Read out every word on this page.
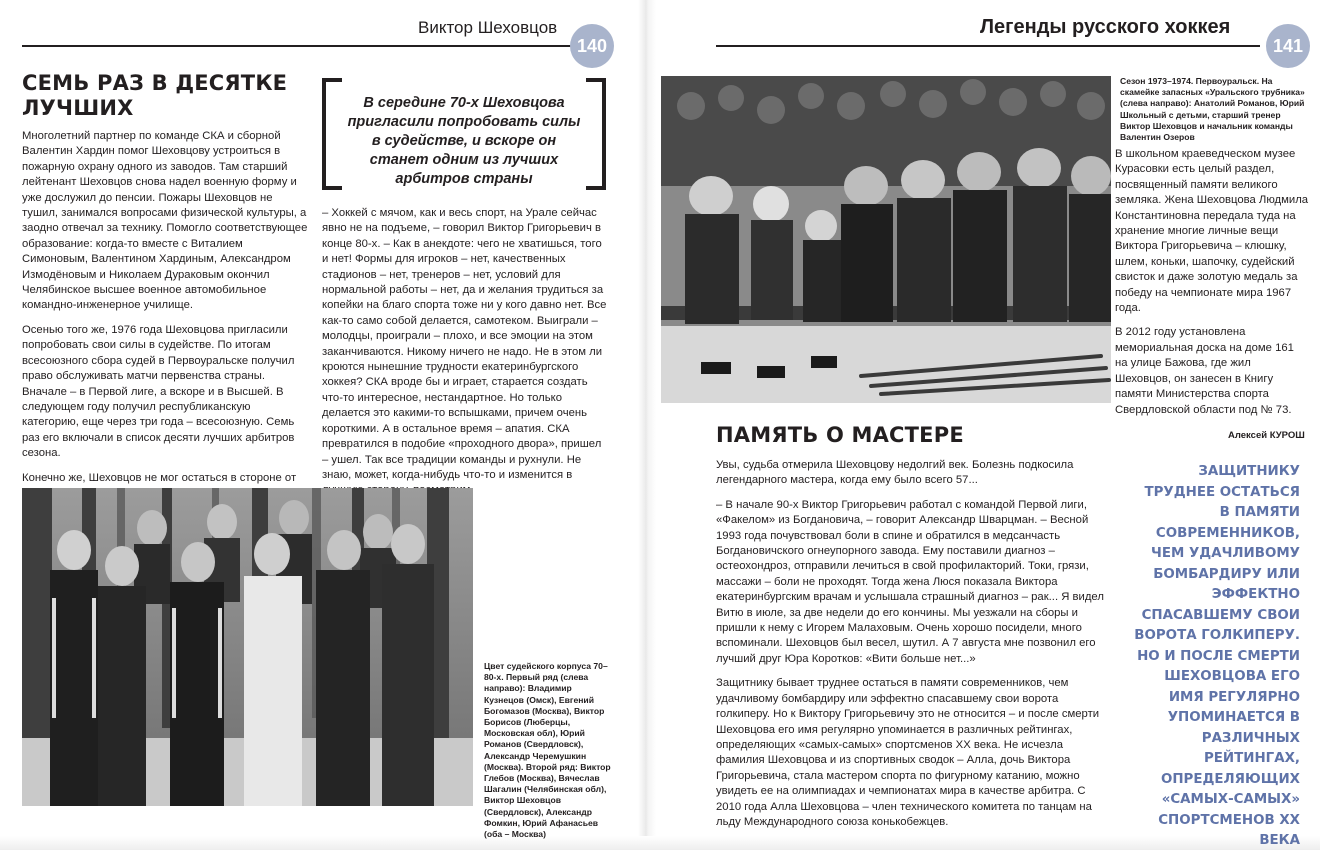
Виктор Шеховцов
140
СЕМЬ РАЗ В ДЕСЯТКЕ
ЛУЧШИХ

Многолетний партнер по команде СКА и сборной Валентин Хардин помог Шеховцову устроиться в пожарную охрану одного из заводов. Там старший лейтенант Шеховцов снова надел военную форму и уже дослужил до пенсии. Пожары Шеховцов не тушил, занимался вопросами физической культуры, а заодно отвечал за технику. Помогло соответствующее образование: когда-то вместе с Виталием Симоновым, Валентином Хардиным, Александром Измодёновым и Николаем Дураковым окончил Челябинское высшее военное автомобильное командно-инженерное училище.

Осенью того же, 1976 года Шеховцова пригласили попробовать свои силы в судействе. По итогам всесоюзного сбора судей в Первоуральске получил право обслуживать матчи первенства страны. Вначале – в Первой лиге, а вскоре и в Высшей. В следующем году получил республиканскую категорию, еще через три года – всесоюзную. Семь раз его включали в список десяти лучших арбитров сезона.

Конечно же, Шеховцов не мог остаться в стороне от

В середине 70-х Шеховцова пригласили попробовать силы в судействе, и вскоре он станет одним из лучших арбитров страны

– Хоккей с мячом, как и весь спорт, на Урале сейчас явно не на подъеме, – говорил Виктор Григорьевич в конце 80-х. – Как в анекдоте: чего не хватишься, того и нет! Формы для игроков – нет, качественных стадионов – нет, тренеров – нет, условий для нормальной работы – нет, да и желания трудиться за копейки на благо спорта тоже ни у кого давно нет. Все как-то само собой делается, самотеком. Выиграли – молодцы, проиграли – плохо, и все эмоции на этом заканчиваются. Никому ничего не надо. Не в этом ли кроются нынешние трудности екатеринбургского хоккея? СКА вроде бы и играет, старается создать что-то интересное, нестандартное. Но только делается это какими-то вспышками, причем очень короткими. А в остальное время – апатия. СКА превратился в подобие «проходного двора», пришел – ушел. Так все традиции команды и рухнули. Не знаю, может, когда-нибудь что-то и изменится в

Цвет судейского корпуса 70–80-х. Первый ряд (слева направо): Владимир Кузнецов (Омск), Евгений Богомазов (Москва), Виктор Борисов (Люберцы, Московская обл), Юрий Романов (Свердловск), Александр Черемушкин (Москва). Второй ряд: Виктор Глебов (Москва), Вячеслав Шагалин (Челябинская обл), Виктор Шеховцов (Свердловск), Александр Фомкин, Юрий Афанасьев (оба – Москва)
Легенды русского хоккея
141
Сезон 1973–1974. Первоуральск. На скамейке запасных «Уральского трубника» (слева направо): Анатолий Романов, Юрий Школьный с детьми, старший тренер Виктор Шеховцов и начальник команды Валентин Озеров

В школьном краеведческом музее Курасовки есть целый раздел, посвященный памяти великого земляка. Жена Шеховцова Людмила Константиновна передала туда на хранение многие личные вещи Виктора Григорьевича – клюшку, шлем, коньки, шапочку, судейский свисток и даже золотую медаль за победу на чемпионате мира 1967 года.

В 2012 году установлена мемориальная доска на доме 161 на улице Бажова, где жил Шеховцов, он занесен в Книгу памяти Министерства спорта Свердловской области под № 73.

ПАМЯТЬ О МАСТЕРЕ	Алексей КУРОШ

Увы, судьба отмерила Шеховцову недолгий век. Болезнь подкосила легендарного мастера, когда ему было всего 57...

– В начале 90-х Виктор Григорьевич работал с командой Первой лиги, «Факелом» из Богдановича, – говорит Александр Шварцман. – Весной 1993 года почувствовал боли в спине и обратился в медсанчасть Богдановичского огнеупорного завода. Ему поставили диагноз – остеохондроз, отправили лечиться в свой профилакторий. Токи, грязи, массажи – боли не проходят. Тогда жена Люся показала Виктора екатеринбургским врачам и услышала страшный диагноз – рак... Я видел Витю в июле, за две недели до его кончины. Мы уезжали на сборы и пришли к нему с Игорем Малаховым. Очень хорошо посидели, много вспоминали. Шеховцов был весел, шутил. А 7 августа мне позвонил его лучший друг Юра Коротков: «Вити больше нет...»

Защитнику бывает труднее остаться в памяти современников, чем удачливому бомбардиру или эффектно спасавшему свои ворота голкиперу. Но к Виктору Григорьевичу это не относится – и после смерти Шеховцова его имя регулярно упоминается в различных рейтингах, определяющих «самых-самых» спортсменов ХХ века. Не исчезла фамилия Шеховцова и из спортивных сводок – Алла, дочь Виктора Григорьевича, стала мастером спорта по фигурному катанию, можно увидеть ее на олимпиадах и чемпионатах мира в качестве арбитра. С 2010 года Алла Шеховцова – член технического комитета по танцам на льду Международного союза конькобежцев.

ЗАЩИТНИКУ ТРУДНЕЕ ОСТАТЬСЯ В ПАМЯТИ СОВРЕМЕННИКОВ, ЧЕМ УДАЧЛИВОМУ БОМБАРДИРУ ИЛИ ЭФФЕКТНО СПАСАВШЕМУ СВОИ ВОРОТА ГОЛКИПЕРУ. НО И ПОСЛЕ СМЕРТИ ШЕХОВЦОВА ЕГО ИМЯ РЕГУЛЯРНО УПОМИНАЕТСЯ В РАЗЛИЧНЫХ РЕЙТИНГАХ, ОПРЕДЕЛЯЮЩИХ «САМЫХ-САМЫХ» СПОРТСМЕНОВ ХХ ВЕКА
